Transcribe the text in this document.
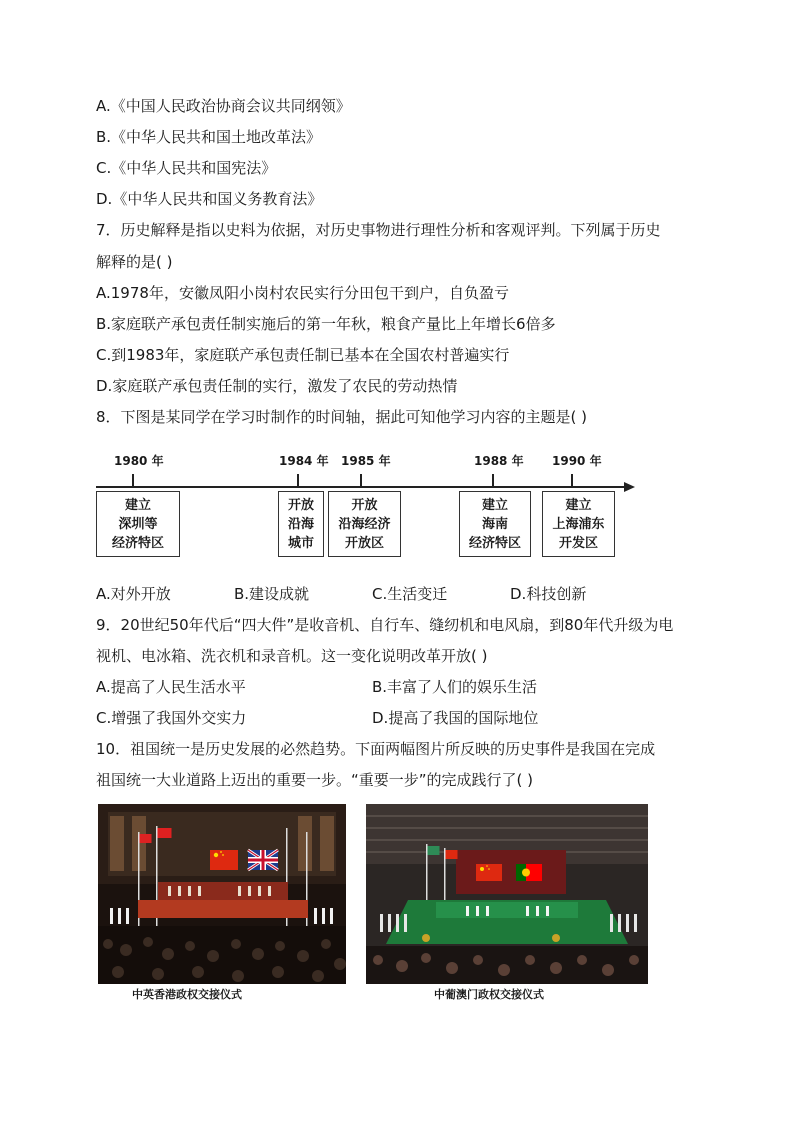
A.《中国人民政治协商会议共同纲领》
B.《中华人民共和国土地改革法》
C.《中华人民共和国宪法》
D.《中华人民共和国义务教育法》
7．历史解释是指以史料为依据，对历史事物进行理性分析和客观评判。下列属于历史
解释的是( )
A.1978年，安徽凤阳小岗村农民实行分田包干到户，自负盈亏
B.家庭联产承包责任制实施后的第一年秋，粮食产量比上年增长6倍多
C.到1983年，家庭联产承包责任制已基本在全国农村普遍实行
D.家庭联产承包责任制的实行，激发了农民的劳动热情
8．下图是某同学在学习时制作的时间轴，据此可知他学习内容的主题是( )
1980 年
建立
深圳等
经济特区
1984 年
开放
沿海
城市
1985 年
开放
沿海经济
开放区
1988 年
建立
海南
经济特区
1990 年
建立
上海浦东
开发区
A.对外开放	B.建设成就	C.生活变迁	D.科技创新
9．20世纪50年代后“四大件”是收音机、自行车、缝纫机和电风扇，到80年代升级为电
视机、电冰箱、洗衣机和录音机。这一变化说明改革开放( )
A.提高了人民生活水平	B.丰富了人们的娱乐生活
C.增强了我国外交实力	D.提高了我国的国际地位
10．祖国统一是历史发展的必然趋势。下面两幅图片所反映的历史事件是我国在完成
祖国统一大业道路上迈出的重要一步。“重要一步”的完成践行了( )
中英香港政权交接仪式	中葡澳门政权交接仪式
